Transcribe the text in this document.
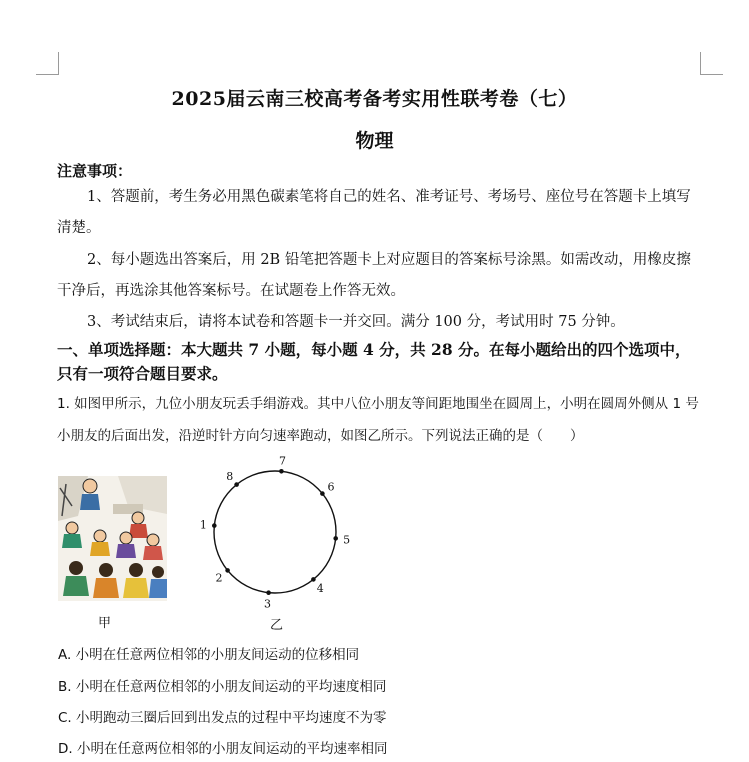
2025届云南三校高考备考实用性联考卷（七）
物理
注意事项：
1、答题前，考生务必用黑色碳素笔将自己的姓名、准考证号、考场号、座位号在答题卡上填写清楚。
2、每小题选出答案后，用 2B 铅笔把答题卡上对应题目的答案标号涂黑。如需改动，用橡皮擦干净后，再选涂其他答案标号。在试题卷上作答无效。
3、考试结束后，请将本试卷和答题卡一并交回。满分 100 分，考试用时 75 分钟。
一、单项选择题：本大题共 7 小题，每小题 4 分，共 28 分。在每小题给出的四个选项中，只有一项符合题目要求。
1. 如图甲所示，九位小朋友玩丢手绢游戏。其中八位小朋友等间距地围坐在圆周上，小明在圆周外侧从 1 号小朋友的后面出发，沿逆时针方向匀速率跑动，如图乙所示。下列说法正确的是（　　）
甲
1
2
3
4
5
6
7
8
乙
A. 小明在任意两位相邻的小朋友间运动的位移相同
B. 小明在任意两位相邻的小朋友间运动的平均速度相同
C. 小明跑动三圈后回到出发点的过程中平均速度不为零
D. 小明在任意两位相邻的小朋友间运动的平均速率相同
